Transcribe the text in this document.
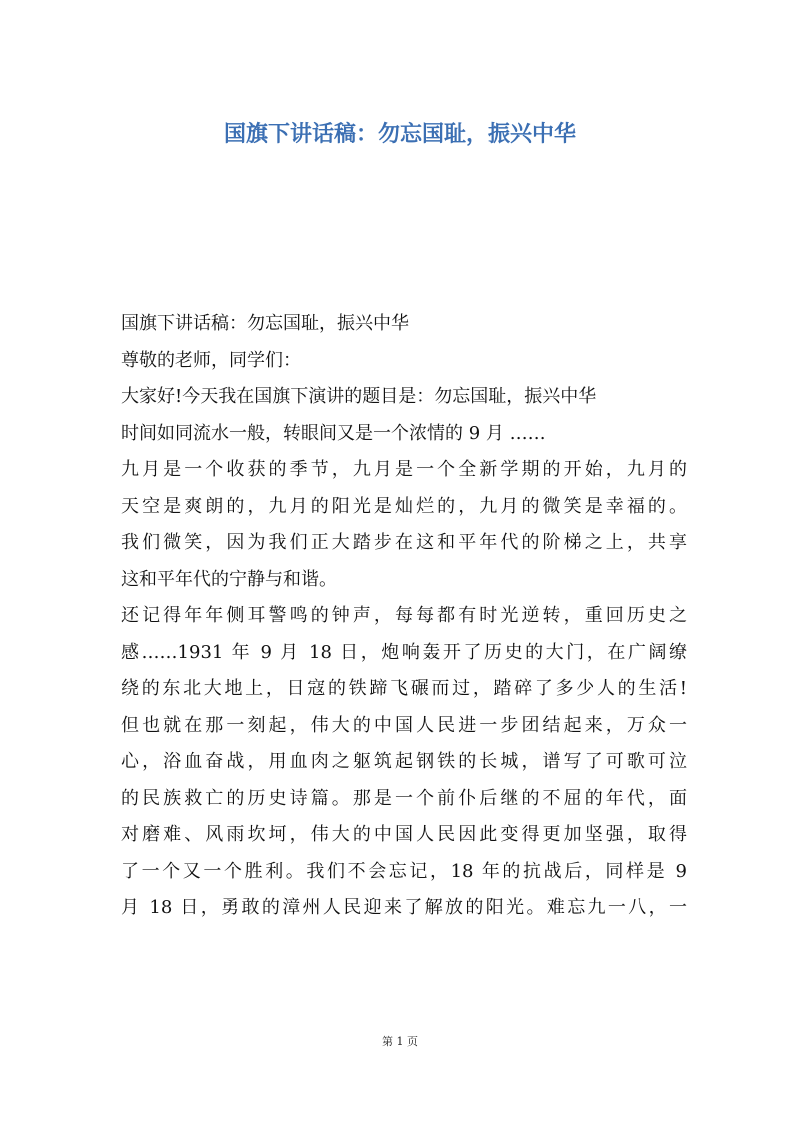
国旗下讲话稿：勿忘国耻，振兴中华
国旗下讲话稿：勿忘国耻，振兴中华
尊敬的老师，同学们：
大家好!今天我在国旗下演讲的题目是：勿忘国耻，振兴中华
时间如同流水一般，转眼间又是一个浓情的 9 月 ……
九月是一个收获的季节，九月是一个全新学期的开始，九月的
天空是爽朗的，九月的阳光是灿烂的，九月的微笑是幸福的。
我们微笑，因为我们正大踏步在这和平年代的阶梯之上，共享
这和平年代的宁静与和谐。
还记得年年侧耳警鸣的钟声，每每都有时光逆转，重回历史之
感……1931 年 9 月 18 日，炮响轰开了历史的大门，在广阔缭
绕的东北大地上，日寇的铁蹄飞碾而过，踏碎了多少人的生活!
但也就在那一刻起，伟大的中国人民进一步团结起来，万众一
心，浴血奋战，用血肉之躯筑起钢铁的长城，谱写了可歌可泣
的民族救亡的历史诗篇。那是一个前仆后继的不屈的年代，面
对磨难、风雨坎坷，伟大的中国人民因此变得更加坚强，取得
了一个又一个胜利。我们不会忘记，18 年的抗战后，同样是 9
月 18 日，勇敢的漳州人民迎来了解放的阳光。难忘九一八，一
第 1 页
